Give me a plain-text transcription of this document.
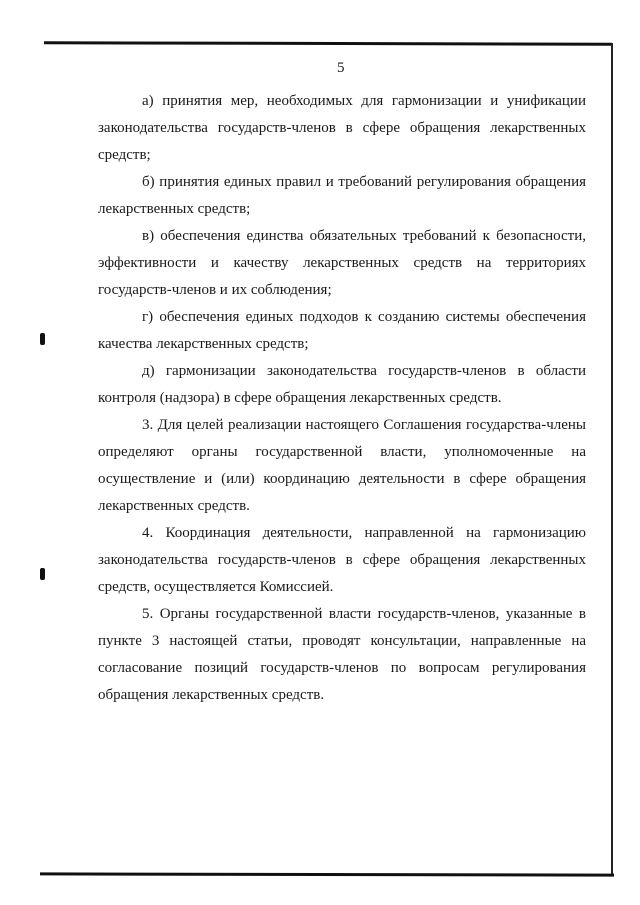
5

а) принятия мер, необходимых для гармонизации и унификации законодательства государств-членов в сфере обращения лекарственных средств;

б) принятия единых правил и требований регулирования обращения лекарственных средств;

в) обеспечения единства обязательных требований к безопасности, эффективности и качеству лекарственных средств на территориях государств-членов и их соблюдения;

г) обеспечения единых подходов к созданию системы обеспечения качества лекарственных средств;

д) гармонизации законодательства государств-членов в области контроля (надзора) в сфере обращения лекарственных средств.

3. Для целей реализации настоящего Соглашения государства-члены определяют органы государственной власти, уполномоченные на осуществление и (или) координацию деятельности в сфере обращения лекарственных средств.

4. Координация деятельности, направленной на гармонизацию законодательства государств-членов в сфере обращения лекарственных средств, осуществляется Комиссией.

5. Органы государственной власти государств-членов, указанные в пункте 3 настоящей статьи, проводят консультации, направленные на согласование позиций государств-членов по вопросам регулирования обращения лекарственных средств.
